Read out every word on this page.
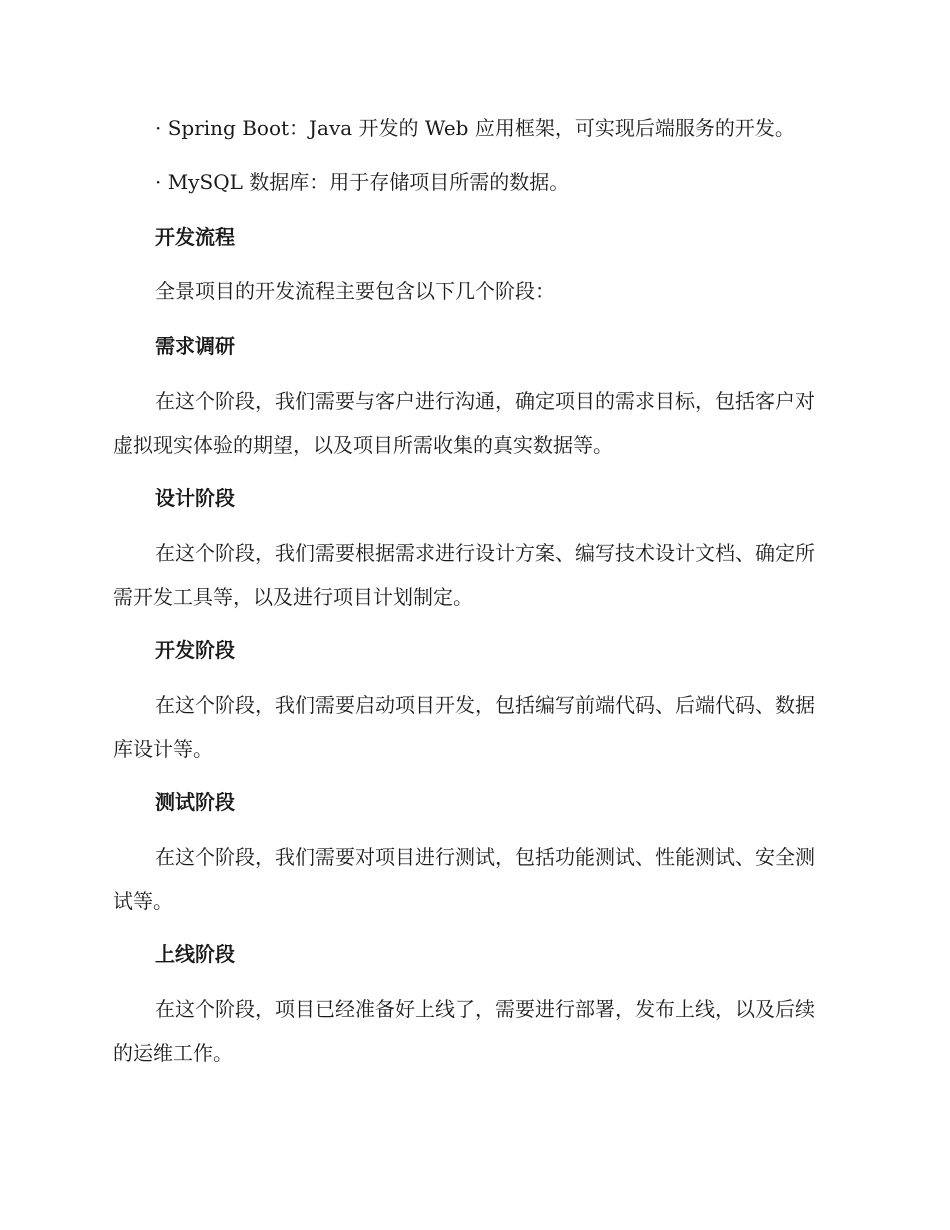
· Spring Boot：Java 开发的 Web 应用框架，可实现后端服务的开发。

· MySQL 数据库：用于存储项目所需的数据。

开发流程

全景项目的开发流程主要包含以下几个阶段：

需求调研

在这个阶段，我们需要与客户进行沟通，确定项目的需求目标，包括客户对虚拟现实体验的期望，以及项目所需收集的真实数据等。

设计阶段

在这个阶段，我们需要根据需求进行设计方案、编写技术设计文档、确定所需开发工具等，以及进行项目计划制定。

开发阶段

在这个阶段，我们需要启动项目开发，包括编写前端代码、后端代码、数据库设计等。

测试阶段

在这个阶段，我们需要对项目进行测试，包括功能测试、性能测试、安全测试等。

上线阶段

在这个阶段，项目已经准备好上线了，需要进行部署，发布上线，以及后续的运维工作。
